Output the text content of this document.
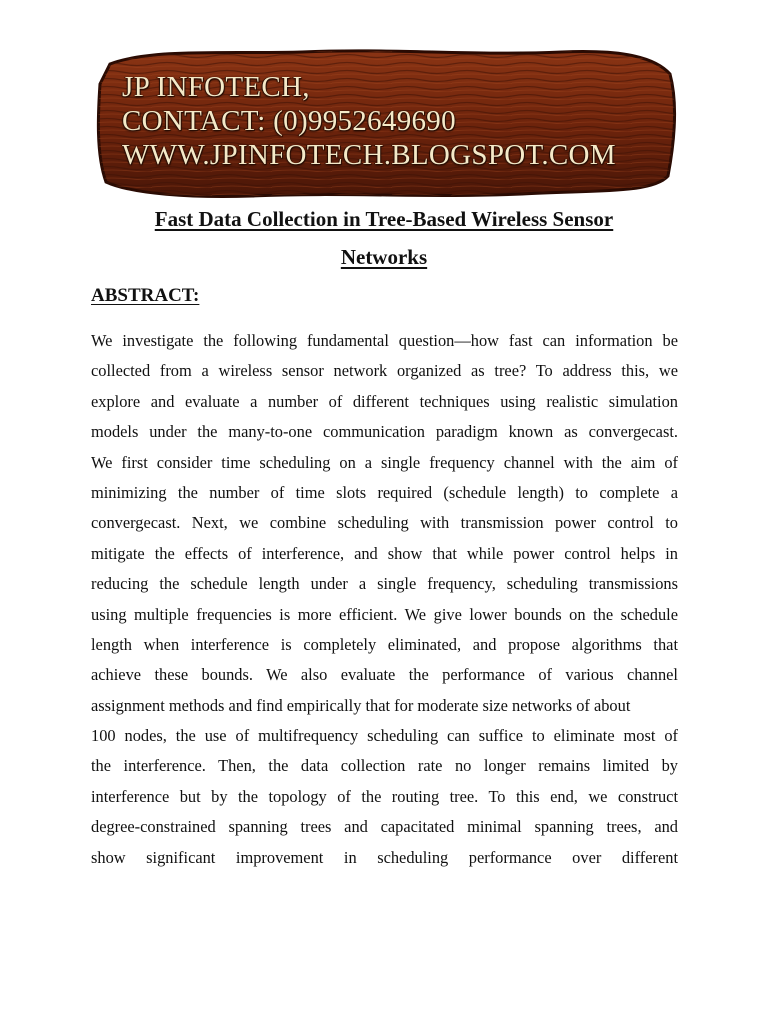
JP INFOTECH,
CONTACT: (0)9952649690
WWW.JPINFOTECH.BLOGSPOT.COM
Fast Data Collection in Tree-Based Wireless Sensor
Networks
ABSTRACT:
We investigate the following fundamental question—how fast can information be
collected from a wireless sensor network organized as tree? To address this, we
explore and evaluate a number of different techniques using realistic simulation
models under the many-to-one communication paradigm known as convergecast.
We first consider time scheduling on a single frequency channel with the aim of
minimizing the number of time slots required (schedule length) to complete a
convergecast. Next, we combine scheduling with transmission power control to
mitigate the effects of interference, and show that while power control helps in
reducing the schedule length under a single frequency, scheduling transmissions
using multiple frequencies is more efficient. We give lower bounds on the schedule
length when interference is completely eliminated, and propose algorithms that
achieve these bounds. We also evaluate the performance of various channel
assignment methods and find empirically that for moderate size networks of about
100 nodes, the use of multifrequency scheduling can suffice to eliminate most of
the interference. Then, the data collection rate no longer remains limited by
interference but by the topology of the routing tree. To this end, we construct
degree-constrained spanning trees and capacitated minimal spanning trees, and
show significant improvement in scheduling performance over different
